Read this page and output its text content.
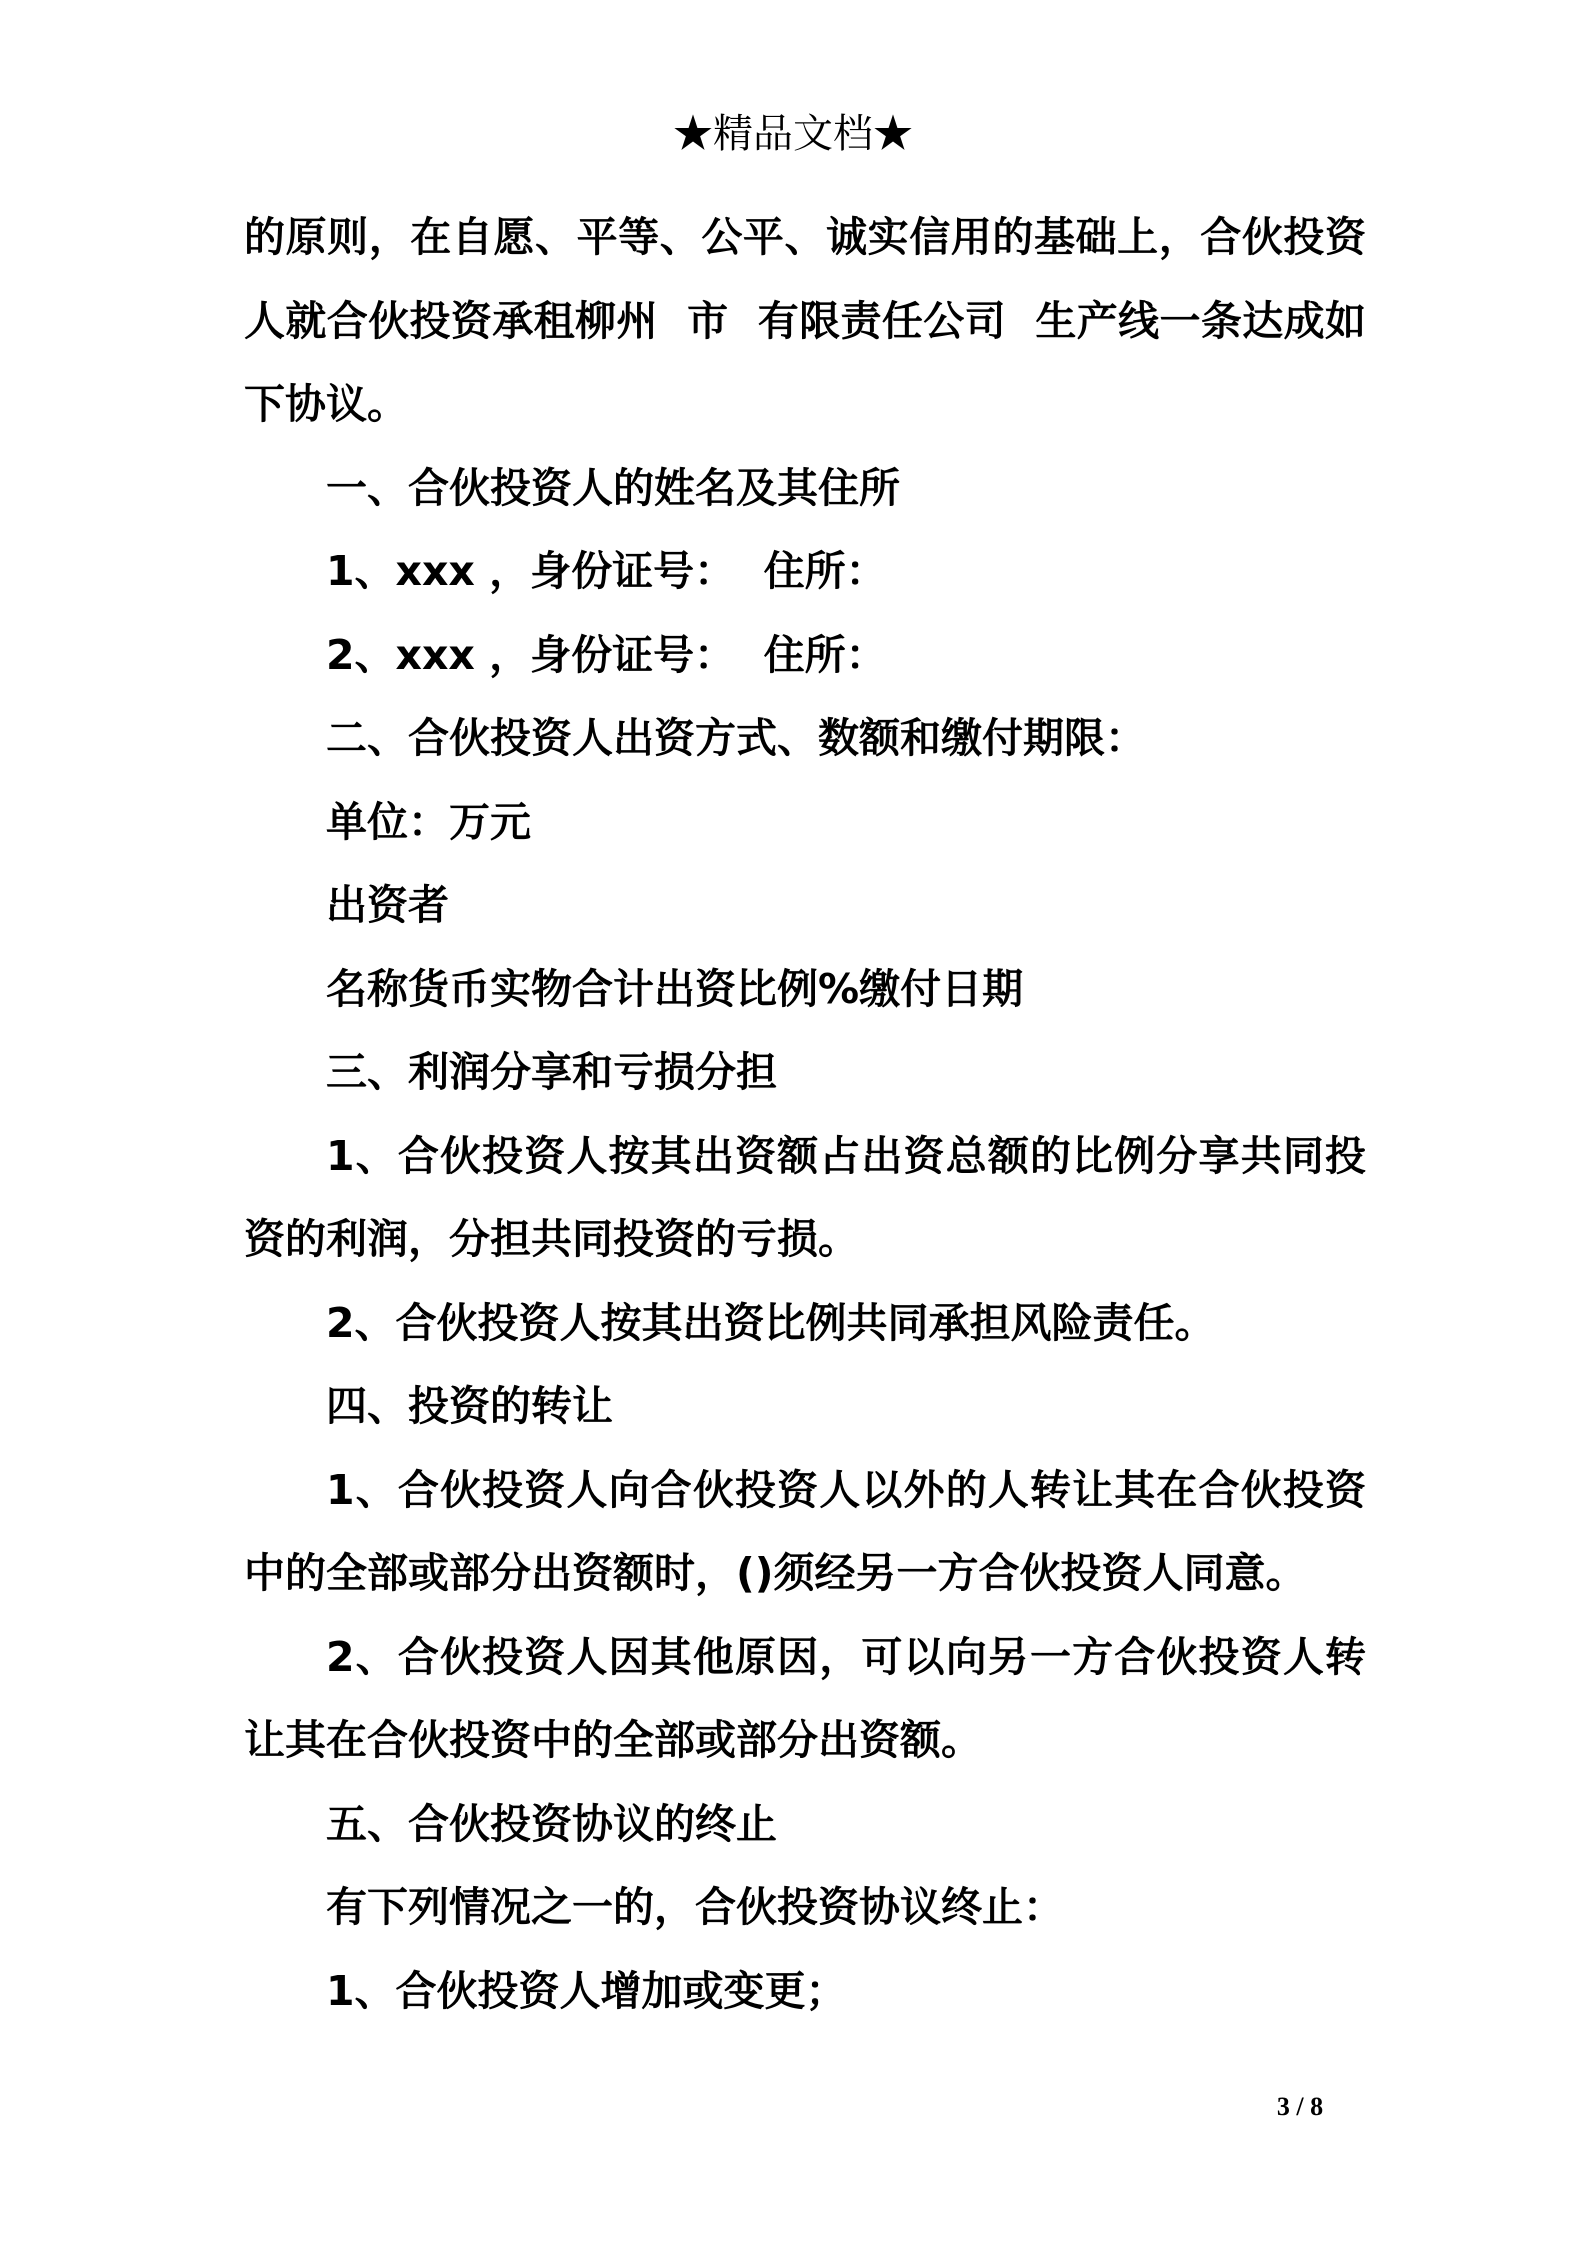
★精品文档★

的原则，在自愿、平等、公平、诚实信用的基础上，合伙投资人就合伙投资承租柳州  市  有限责任公司  生产线一条达成如下协议。

一、合伙投资人的姓名及其住所

1、xxx ，身份证号：  住所：

2、xxx ，身份证号：  住所：

二、合伙投资人出资方式、数额和缴付期限：

单位：万元

出资者

名称货币实物合计出资比例%缴付日期

三、利润分享和亏损分担

1、合伙投资人按其出资额占出资总额的比例分享共同投资的利润，分担共同投资的亏损。

2、合伙投资人按其出资比例共同承担风险责任。

四、投资的转让

1、合伙投资人向合伙投资人以外的人转让其在合伙投资中的全部或部分出资额时，()须经另一方合伙投资人同意。

2、合伙投资人因其他原因，可以向另一方合伙投资人转让其在合伙投资中的全部或部分出资额。

五、合伙投资协议的终止

有下列情况之一的，合伙投资协议终止：

1、合伙投资人增加或变更；

3 / 8
